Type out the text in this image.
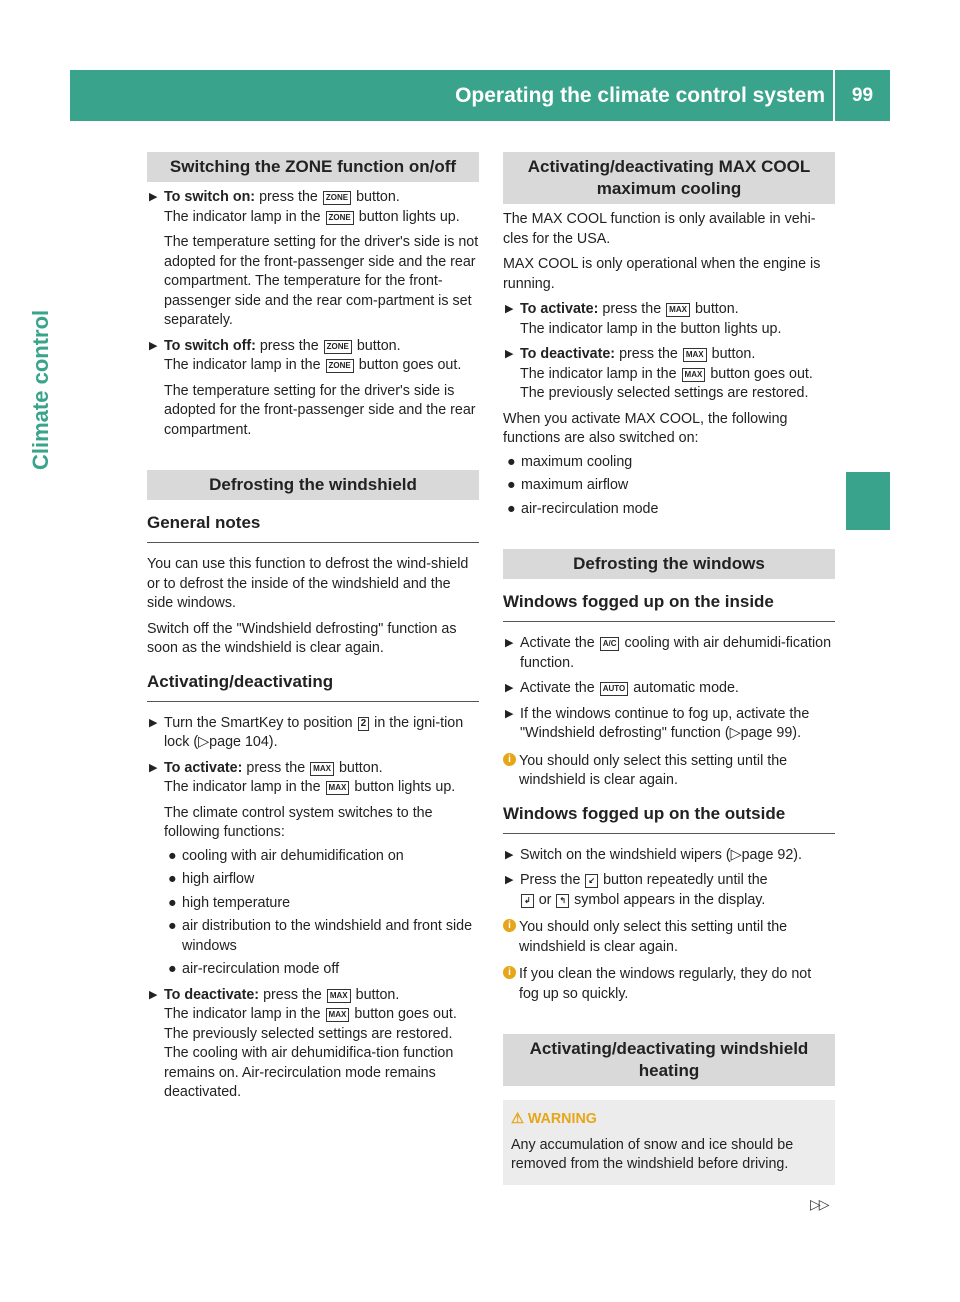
Operating the climate control system	99
Climate control
Switching the ZONE function on/off
▶ To switch on: press the ZONE button.
The indicator lamp in the ZONE button lights up.

The temperature setting for the driver's side is not adopted for the front-passenger side and the rear compartment. The temperature for the front-passenger side and the rear com-partment is set separately.

▶ To switch off: press the ZONE button.
The indicator lamp in the ZONE button goes out.

The temperature setting for the driver's side is adopted for the front-passenger side and the rear compartment.

Defrosting the windshield
General notes

You can use this function to defrost the wind-shield or to defrost the inside of the windshield and the side windows.

Switch off the "Windshield defrosting" function as soon as the windshield is clear again.

Activating/deactivating
▶ Turn the SmartKey to position 2 in the igni-tion lock (▷page 104).
▶ To activate: press the MAX button.
The indicator lamp in the MAX button lights up.

The climate control system switches to the following functions:

● cooling with air dehumidification on
● high airflow
● high temperature
● air distribution to the windshield and front side windows
● air-recirculation mode off
▶ To deactivate: press the MAX button.
The indicator lamp in the MAX button goes out. The previously selected settings are restored. The cooling with air dehumidifica-tion function remains on. Air-recirculation mode remains deactivated.
Activating/deactivating MAX COOL maximum cooling

The MAX COOL function is only available in vehi-cles for the USA.

MAX COOL is only operational when the engine is running.

▶ To activate: press the MAX button.
The indicator lamp in the button lights up.
▶ To deactivate: press the MAX button.
The indicator lamp in the MAX button goes out. The previously selected settings are restored.

When you activate MAX COOL, the following functions are also switched on:

● maximum cooling
● maximum airflow
● air-recirculation mode
Defrosting the windows
Windows fogged up on the inside
▶ Activate the A/C cooling with air dehumidi-fication function.
▶ Activate the AUTO automatic mode.
▶ If the windows continue to fog up, activate the "Windshield defrosting" function (▷page 99).
i You should only select this setting until the windshield is clear again.
Windows fogged up on the outside
▶ Switch on the windshield wipers (▷page 92).
▶ Press the ↙ button repeatedly until the
↲ or ↰ symbol appears in the display.
i You should only select this setting until the windshield is clear again.
i If you clean the windows regularly, they do not fog up so quickly.
Activating/deactivating windshield heating
⚠ WARNING

Any accumulation of snow and ice should be removed from the windshield before driving.

▷▷
